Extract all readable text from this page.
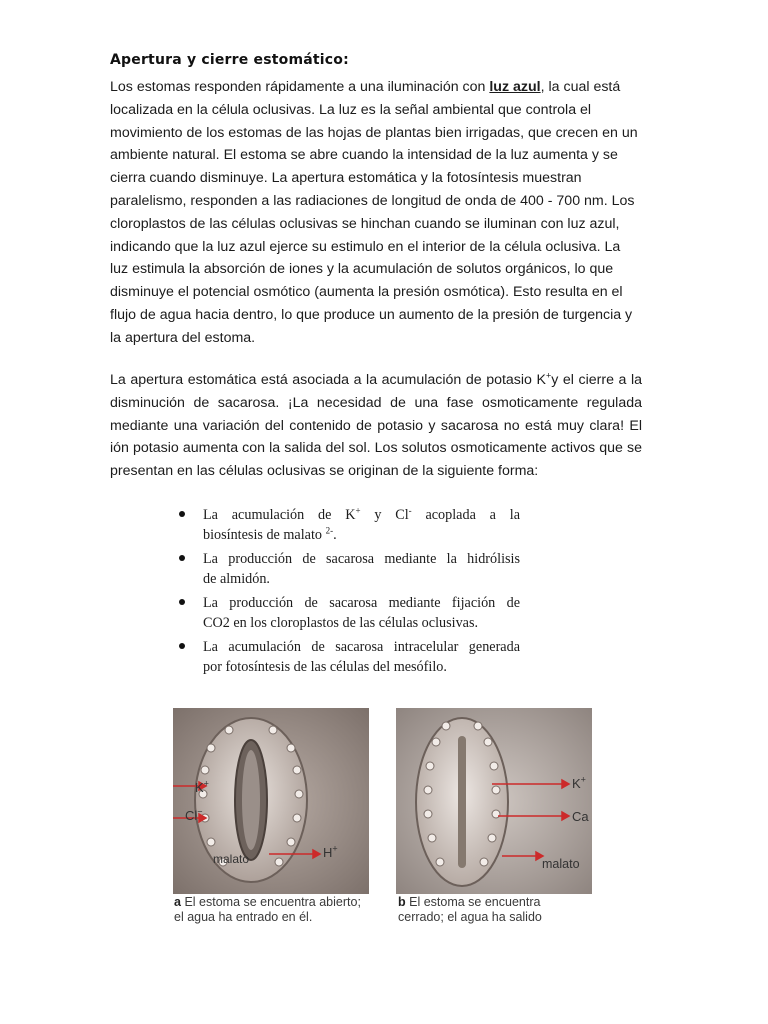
Apertura y cierre estomático:
Los estomas responden rápidamente a una iluminación con luz azul, la cual está
localizada en la célula oclusivas. La luz es la señal ambiental que controla el
movimiento de los estomas de las hojas de plantas bien irrigadas, que crecen en un
ambiente natural. El estoma se abre cuando la intensidad de la luz aumenta y se
cierra cuando disminuye. La apertura estomática y la fotosíntesis muestran
paralelismo, responden a las radiaciones de longitud de onda de 400 - 700 nm. Los
cloroplastos de las células oclusivas se hinchan cuando se iluminan con luz azul,
indicando que la luz azul ejerce su estimulo en el interior de la célula oclusiva. La
luz estimula la absorción de iones y la acumulación de solutos orgánicos, lo que
disminuye el potencial osmótico (aumenta la presión osmótica). Esto resulta en el
flujo de agua hacia dentro, lo que produce un aumento de la presión de turgencia y
la apertura del estoma.
La apertura estomática está asociada a la acumulación de potasio K+y el cierre a la
disminución de sacarosa. ¡La necesidad de una fase osmoticamente regulada
mediante una variación del contenido de potasio y sacarosa no está muy clara! El
ión potasio aumenta con la salida del sol. Los solutos osmoticamente activos que se
presentan en las células oclusivas se originan de la siguiente forma:
La acumulación de K+ y Cl- acoplada a la
biosíntesis de malato $^{2-}$.
La producción de sacarosa mediante la hidrólisis
de almidón.
La producción de sacarosa mediante fijación de
CO2 en los cloroplastos de las células oclusivas.
La acumulación de sacarosa intracelular generada
por fotosíntesis de las células del mesófilo.
K+
Cl−
malato	H+
K+
Ca
malato
a El estoma se encuentra abierto;
el agua ha entrado en él.
b El estoma se encuentra
cerrado; el agua ha salido
